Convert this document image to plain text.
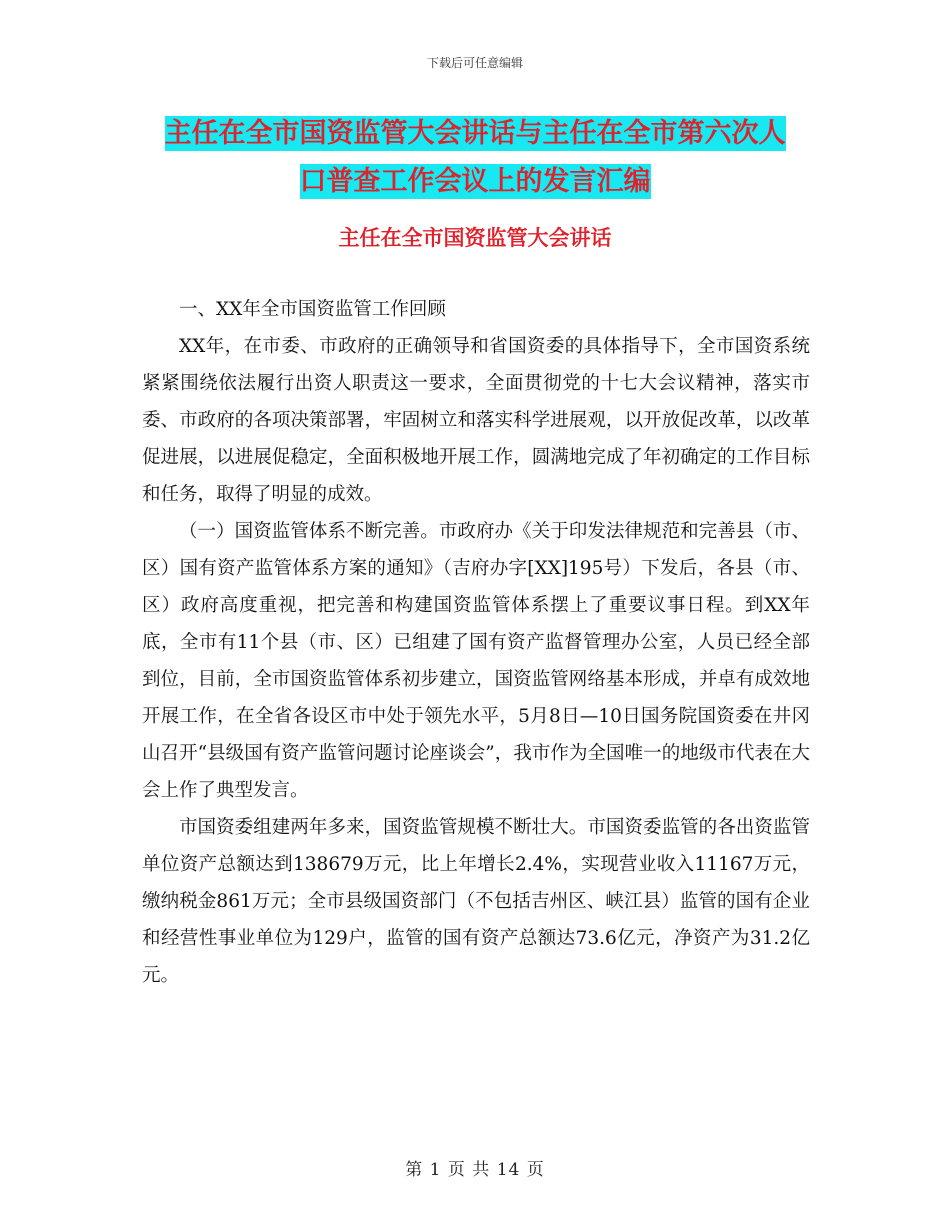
下载后可任意编辑
主任在全市国资监管大会讲话与主任在全市第六次人
口普查工作会议上的发言汇编
主任在全市国资监管大会讲话

一、XX年全市国资监管工作回顾

XX年，在市委、市政府的正确领导和省国资委的具体指导下，全市国资系统紧紧围绕依法履行出资人职责这一要求，全面贯彻党的十七大会议精神，落实市委、市政府的各项决策部署，牢固树立和落实科学进展观，以开放促改革，以改革促进展，以进展促稳定，全面积极地开展工作，圆满地完成了年初确定的工作目标和任务，取得了明显的成效。

（一）国资监管体系不断完善。市政府办《关于印发法律规范和完善县（市、区）国有资产监管体系方案的通知》（吉府办字[XX]195号）下发后，各县（市、区）政府高度重视，把完善和构建国资监管体系摆上了重要议事日程。到XX年底，全市有11个县（市、区）已组建了国有资产监督管理办公室，人员已经全部到位，目前，全市国资监管体系初步建立，国资监管网络基本形成，并卓有成效地开展工作，在全省各设区市中处于领先水平，5月8日—10日国务院国资委在井冈山召开“县级国有资产监管问题讨论座谈会”，我市作为全国唯一的地级市代表在大会上作了典型发言。

市国资委组建两年多来，国资监管规模不断壮大。市国资委监管的各出资监管单位资产总额达到138679万元，比上年增长2.4%，实现营业收入11167万元，缴纳税金861万元；全市县级国资部门（不包括吉州区、峡江县）监管的国有企业和经营性事业单位为129户，监管的国有资产总额达73.6亿元，净资产为31.2亿元。

第 1 页 共 14 页
